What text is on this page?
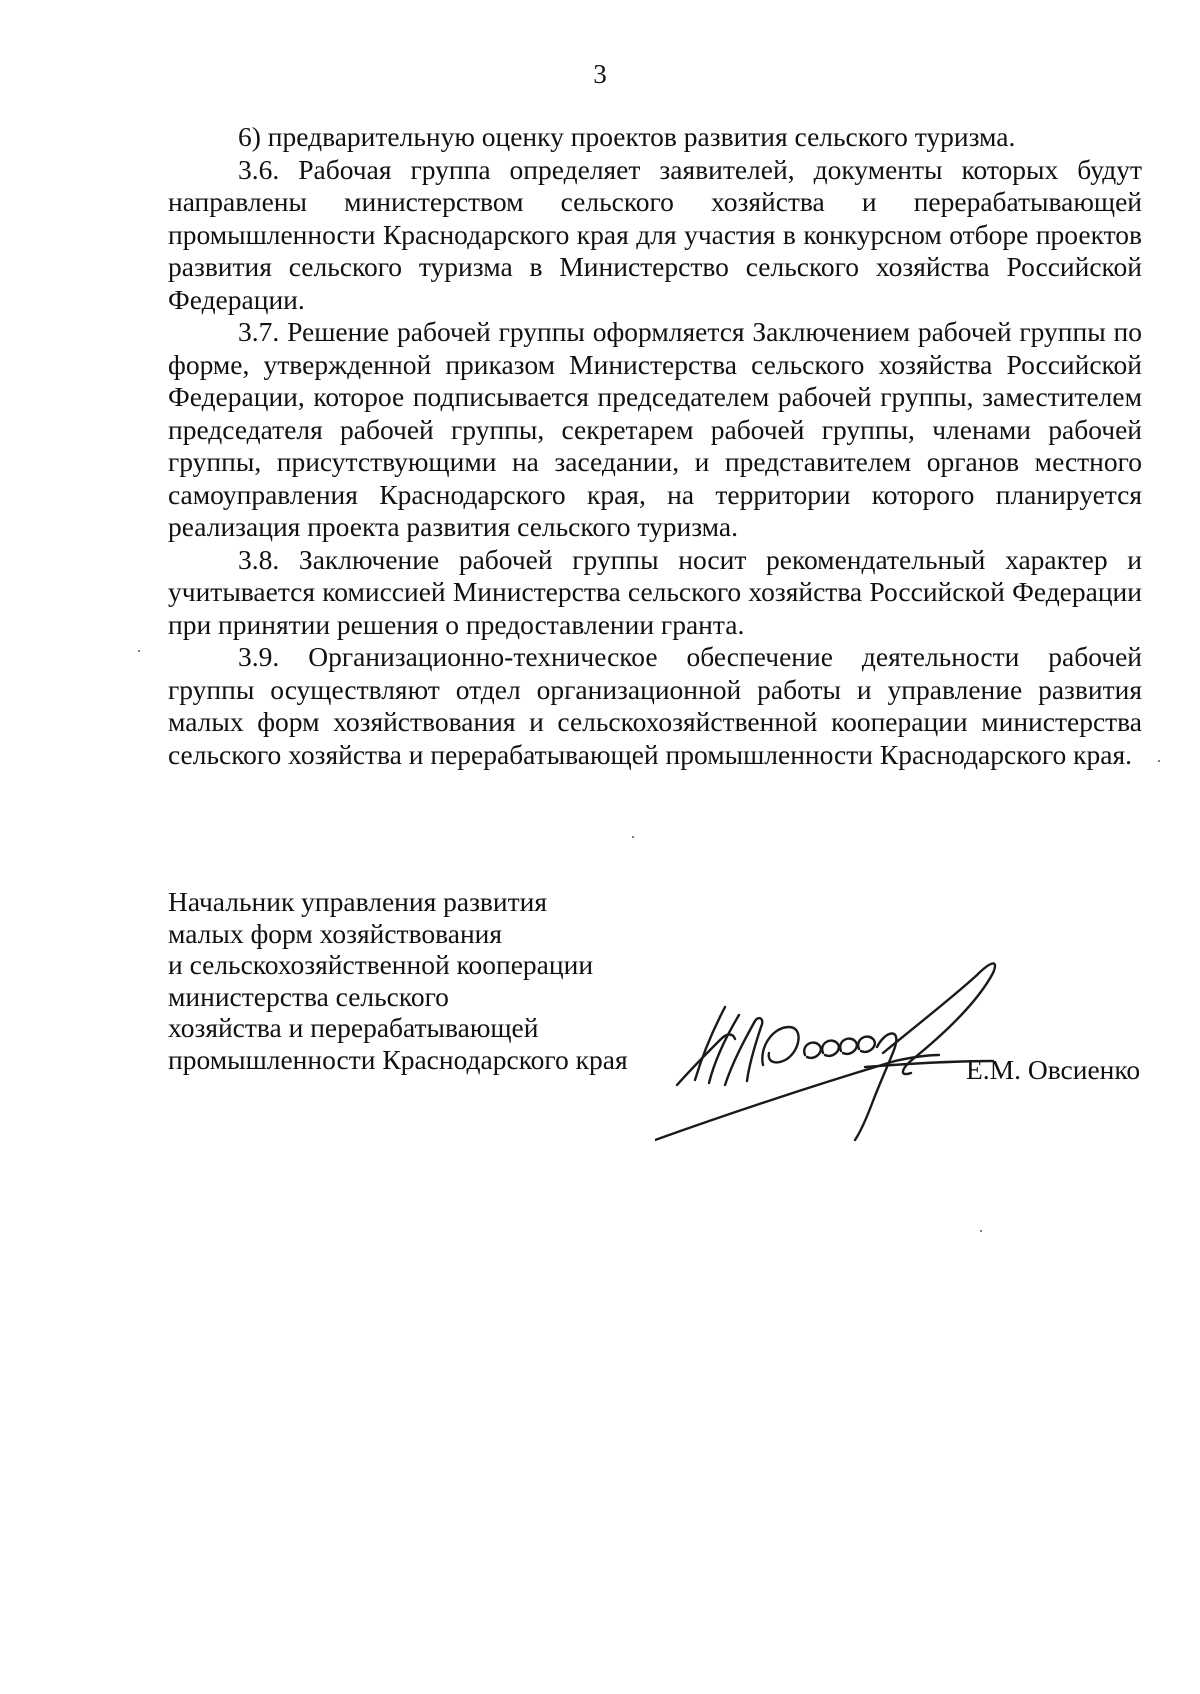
3

6) предварительную оценку проектов развития сельского туризма.

3.6. Рабочая группа определяет заявителей, документы которых будут направлены министерством сельского хозяйства и перерабатывающей промышленности Краснодарского края для участия в конкурсном отборе проектов развития сельского туризма в Министерство сельского хозяйства Российской Федерации.

3.7. Решение рабочей группы оформляется Заключением рабочей группы по форме, утвержденной приказом Министерства сельского хозяйства Российской Федерации, которое подписывается председателем рабочей группы, заместителем председателя рабочей группы, секретарем рабочей группы, членами рабочей группы, присутствующими на заседании, и представителем органов местного самоуправления Краснодарского края, на территории которого планируется реализация проекта развития сельского туризма.

3.8. Заключение рабочей группы носит рекомендательный характер и учитывается комиссией Министерства сельского хозяйства Российской Федерации при принятии решения о предоставлении гранта.

3.9. Организационно-техническое обеспечение деятельности рабочей группы осуществляют отдел организационной работы и управление развития малых форм хозяйствования и сельскохозяйственной кооперации министерства сельского хозяйства и перерабатывающей промышленности Краснодарского края.

Начальник управления развития
малых форм хозяйствования
и сельскохозяйственной кооперации
министерства сельского
хозяйства и перерабатывающей
промышленности Краснодарского края	Е.М. Овсиенко
